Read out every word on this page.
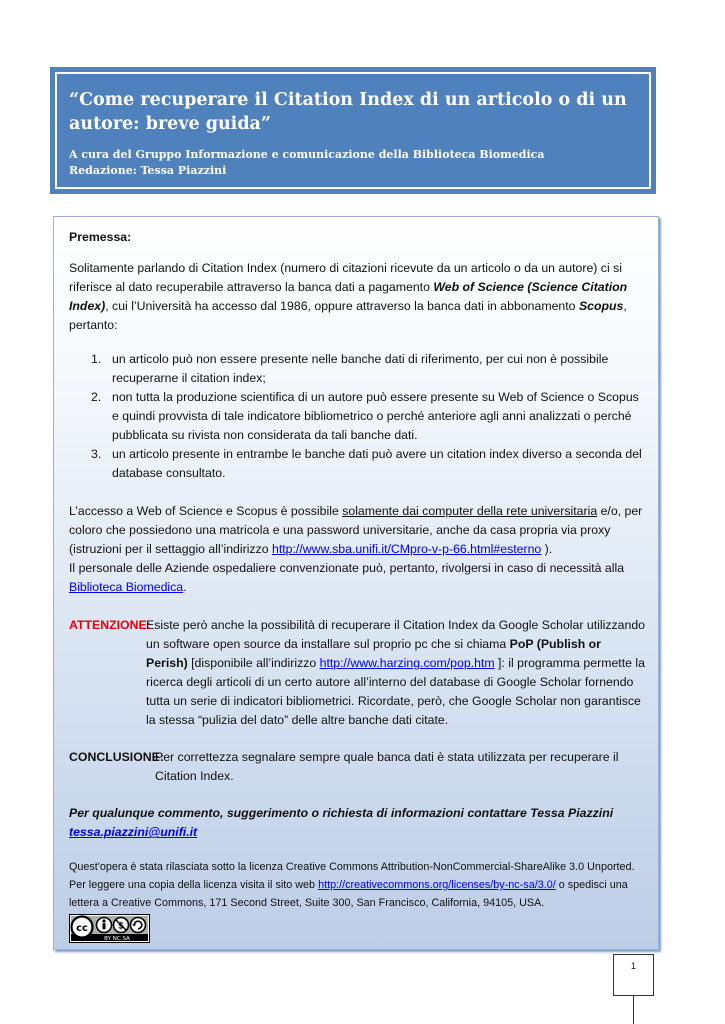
“Come recuperare il Citation Index di un articolo o di un autore: breve guida”
A cura del Gruppo Informazione e comunicazione della Biblioteca Biomedica
Redazione: Tessa Piazzini

Premessa:

Solitamente parlando di Citation Index (numero di citazioni ricevute da un articolo o da un autore) ci si riferisce al dato recuperabile attraverso la banca dati a pagamento Web of Science (Science Citation Index), cui l’Università ha accesso dal 1986, oppure attraverso la banca dati in abbonamento Scopus, pertanto:

1. un articolo può non essere presente nelle banche dati di riferimento, per cui non è possibile recuperarne il citation index;
2. non tutta la produzione scientifica di un autore può essere presente su Web of Science o Scopus e quindi provvista di tale indicatore bibliometrico o perché anteriore agli anni analizzati o perché pubblicata su rivista non considerata da tali banche dati.
3. un articolo presente in entrambe le banche dati può avere un citation index diverso a seconda del database consultato.

L’accesso a Web of Science e Scopus è possibile solamente dai computer della rete universitaria e/o, per coloro che possiedono una matricola e una password universitarie, anche da casa propria via proxy (istruzioni per il settaggio all’indirizzo http://www.sba.unifi.it/CMpro-v-p-66.html#esterno ).
Il personale delle Aziende ospedaliere convenzionate può, pertanto, rivolgersi in caso di necessità alla Biblioteca Biomedica.

ATTENZIONE:
Esiste però anche la possibilità di recuperare il Citation Index da Google Scholar utilizzando un software open source da installare sul proprio pc che si chiama PoP (Publish or Perish) [disponibile all’indirizzo http://www.harzing.com/pop.htm ]: il programma permette la ricerca degli articoli di un certo autore all’interno del database di Google Scholar fornendo tutta un serie di indicatori bibliometrici. Ricordate, però, che Google Scholar non garantisce la stessa “pulizia del dato” delle altre banche dati citate.

CONCLUSIONE:
Per correttezza segnalare sempre quale banca dati è stata utilizzata per recuperare il Citation Index.

Per qualunque commento, suggerimento o richiesta di informazioni contattare Tessa Piazzini
tessa.piazzini@unifi.it

Quest'opera è stata rilasciata sotto la licenza Creative Commons Attribution-NonCommercial-ShareAlike 3.0 Unported. Per leggere una copia della licenza visita il sito web http://creativecommons.org/licenses/by-nc-sa/3.0/ o spedisci una lettera a Creative Commons, 171 Second Street, Suite 300, San Francisco, California, 94105, USA.

cc	$
BY NC SA
1
